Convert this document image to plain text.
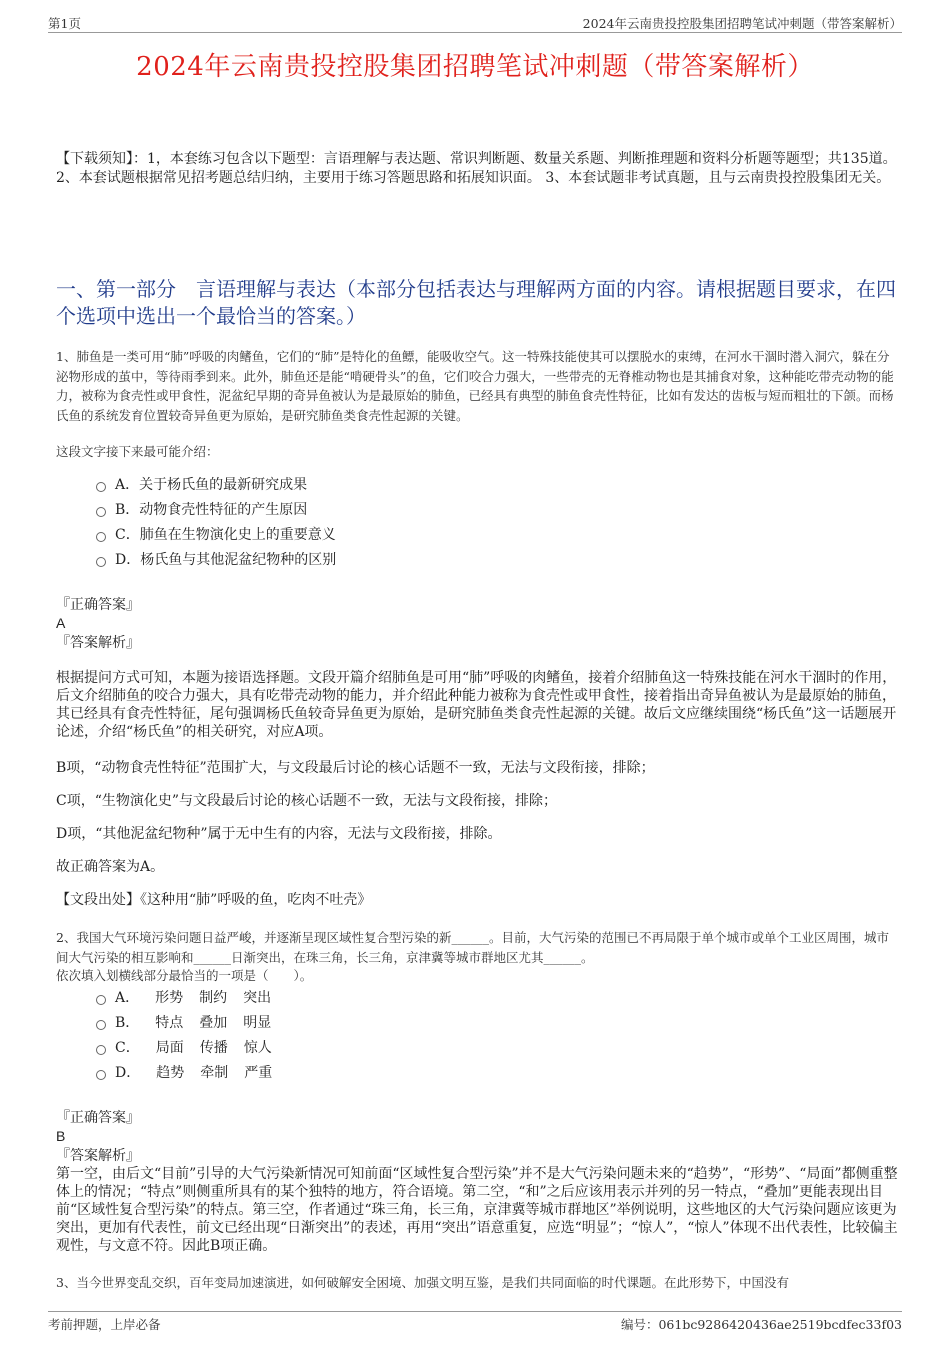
第1页	2024年云南贵投控股集团招聘笔试冲刺题（带答案解析）
2024年云南贵投控股集团招聘笔试冲刺题（带答案解析）
【下载须知】：1，本套练习包含以下题型：言语理解与表达题、常识判断题、数量关系题、判断推理题和资料分析题等题型；共135道。 2、本套试题根据常见招考题总结归纳，主要用于练习答题思路和拓展知识面。 3、本套试题非考试真题，且与云南贵投控股集团无关。
一、第一部分　言语理解与表达（本部分包括表达与理解两方面的内容。请根据题目要求，在四个选项中选出一个最恰当的答案。）
1、肺鱼是一类可用“肺”呼吸的肉鳍鱼，它们的“肺”是特化的鱼鳔，能吸收空气。这一特殊技能使其可以摆脱水的束缚，在河水干涸时潜入洞穴，躲在分泌物形成的茧中，等待雨季到来。此外，肺鱼还是能“啃硬骨头”的鱼，它们咬合力强大，一些带壳的无脊椎动物也是其捕食对象，这种能吃带壳动物的能力，被称为食壳性或甲食性，泥盆纪早期的奇异鱼被认为是最原始的肺鱼，已经具有典型的肺鱼食壳性特征，比如有发达的齿板与短而粗壮的下颌。而杨氏鱼的系统发育位置较奇异鱼更为原始，是研究肺鱼类食壳性起源的关键。
这段文字接下来最可能介绍：
A．关于杨氏鱼的最新研究成果
B．动物食壳性特征的产生原因
C．肺鱼在生物演化史上的重要意义
D．杨氏鱼与其他泥盆纪物种的区别
『正确答案』
A
『答案解析』
根据提问方式可知，本题为接语选择题。文段开篇介绍肺鱼是可用“肺”呼吸的肉鳍鱼，接着介绍肺鱼这一特殊技能在河水干涸时的作用，后文介绍肺鱼的咬合力强大，具有吃带壳动物的能力，并介绍此种能力被称为食壳性或甲食性，接着指出奇异鱼被认为是最原始的肺鱼，其已经具有食壳性特征，尾句强调杨氏鱼较奇异鱼更为原始，是研究肺鱼类食壳性起源的关键。故后文应继续围绕“杨氏鱼”这一话题展开论述，介绍“杨氏鱼”的相关研究，对应A项。
B项，“动物食壳性特征”范围扩大，与文段最后讨论的核心话题不一致，无法与文段衔接，排除；
C项，“生物演化史”与文段最后讨论的核心话题不一致，无法与文段衔接，排除；
D项，“其他泥盆纪物种”属于无中生有的内容，无法与文段衔接，排除。
故正确答案为A。
【文段出处】《这种用“肺”呼吸的鱼，吃肉不吐壳》
2、我国大气环境污染问题日益严峻，并逐渐呈现区域性复合型污染的新______。目前，大气污染的范围已不再局限于单个城市或单个工业区周围，城市间大气污染的相互影响和______日渐突出，在珠三角，长三角，京津冀等城市群地区尤其______。
依次填入划横线部分最恰当的一项是（　　）。
A． 形势 制约 突出
B． 特点 叠加 明显
C． 局面 传播 惊人
D． 趋势 牵制 严重
『正确答案』
B
『答案解析』
第一空，由后文“目前”引导的大气污染新情况可知前面“区域性复合型污染”并不是大气污染问题未来的“趋势”，“形势”、“局面”都侧重整体上的情况；“特点”则侧重所具有的某个独特的地方，符合语境。第二空，“和”之后应该用表示并列的另一特点，“叠加”更能表现出目前“区域性复合型污染”的特点。第三空，作者通过“珠三角，长三角，京津冀等城市群地区”举例说明，这些地区的大气污染问题应该更为突出，更加有代表性，前文已经出现“日渐突出”的表述，再用“突出”语意重复，应选“明显”；“惊人”，“惊人”体现不出代表性，比较偏主观性，与文意不符。因此B项正确。
3、当今世界变乱交织，百年变局加速演进，如何破解安全困境、加强文明互鉴，是我们共同面临的时代课题。在此形势下，中国没有
考前押题，上岸必备	编号：061bc9286420436ae2519bcdfec33f03
